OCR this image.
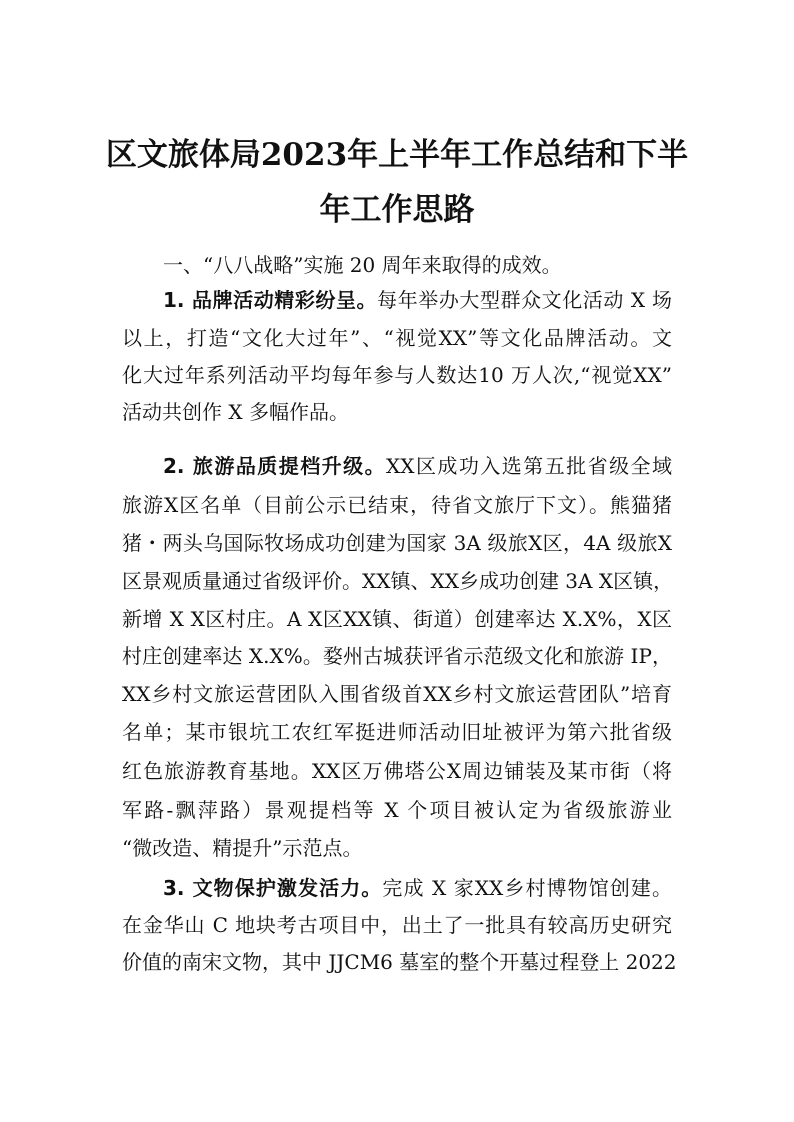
区文旅体局2023年上半年工作总结和下半
年工作思路
一、“八八战略”实施 20 周年来取得的成效。
1. 品牌活动精彩纷呈。每年举办大型群众文化活动 X 场
以上，打造“文化大过年”、“视觉XX”等文化品牌活动。文
化大过年系列活动平均每年参与人数达10 万人次,“视觉XX”
活动共创作 X 多幅作品。
2. 旅游品质提档升级。XX区成功入选第五批省级全域
旅游X区名单（目前公示已结束，待省文旅厅下文）。熊猫猪
猪・两头乌国际牧场成功创建为国家 3A 级旅X区，4A 级旅X
区景观质量通过省级评价。XX镇、XX乡成功创建 3A X区镇，
新增 X X区村庄。A X区XX镇、街道）创建率达 X.X%，X区
村庄创建率达 X.X%。婺州古城获评省示范级文化和旅游 IP，
XX乡村文旅运营团队入围省级首XX乡村文旅运营团队”培育
名单；某市银坑工农红军挺进师活动旧址被评为第六批省级
红色旅游教育基地。XX区万佛塔公X周边铺装及某市街（将
军路-飘萍路）景观提档等 X 个项目被认定为省级旅游业
“微改造、精提升”示范点。
3. 文物保护激发活力。完成 X 家XX乡村博物馆创建。
在金华山 C 地块考古项目中，出土了一批具有较高历史研究
价值的南宋文物，其中 JJCM6 墓室的整个开墓过程登上 2022
